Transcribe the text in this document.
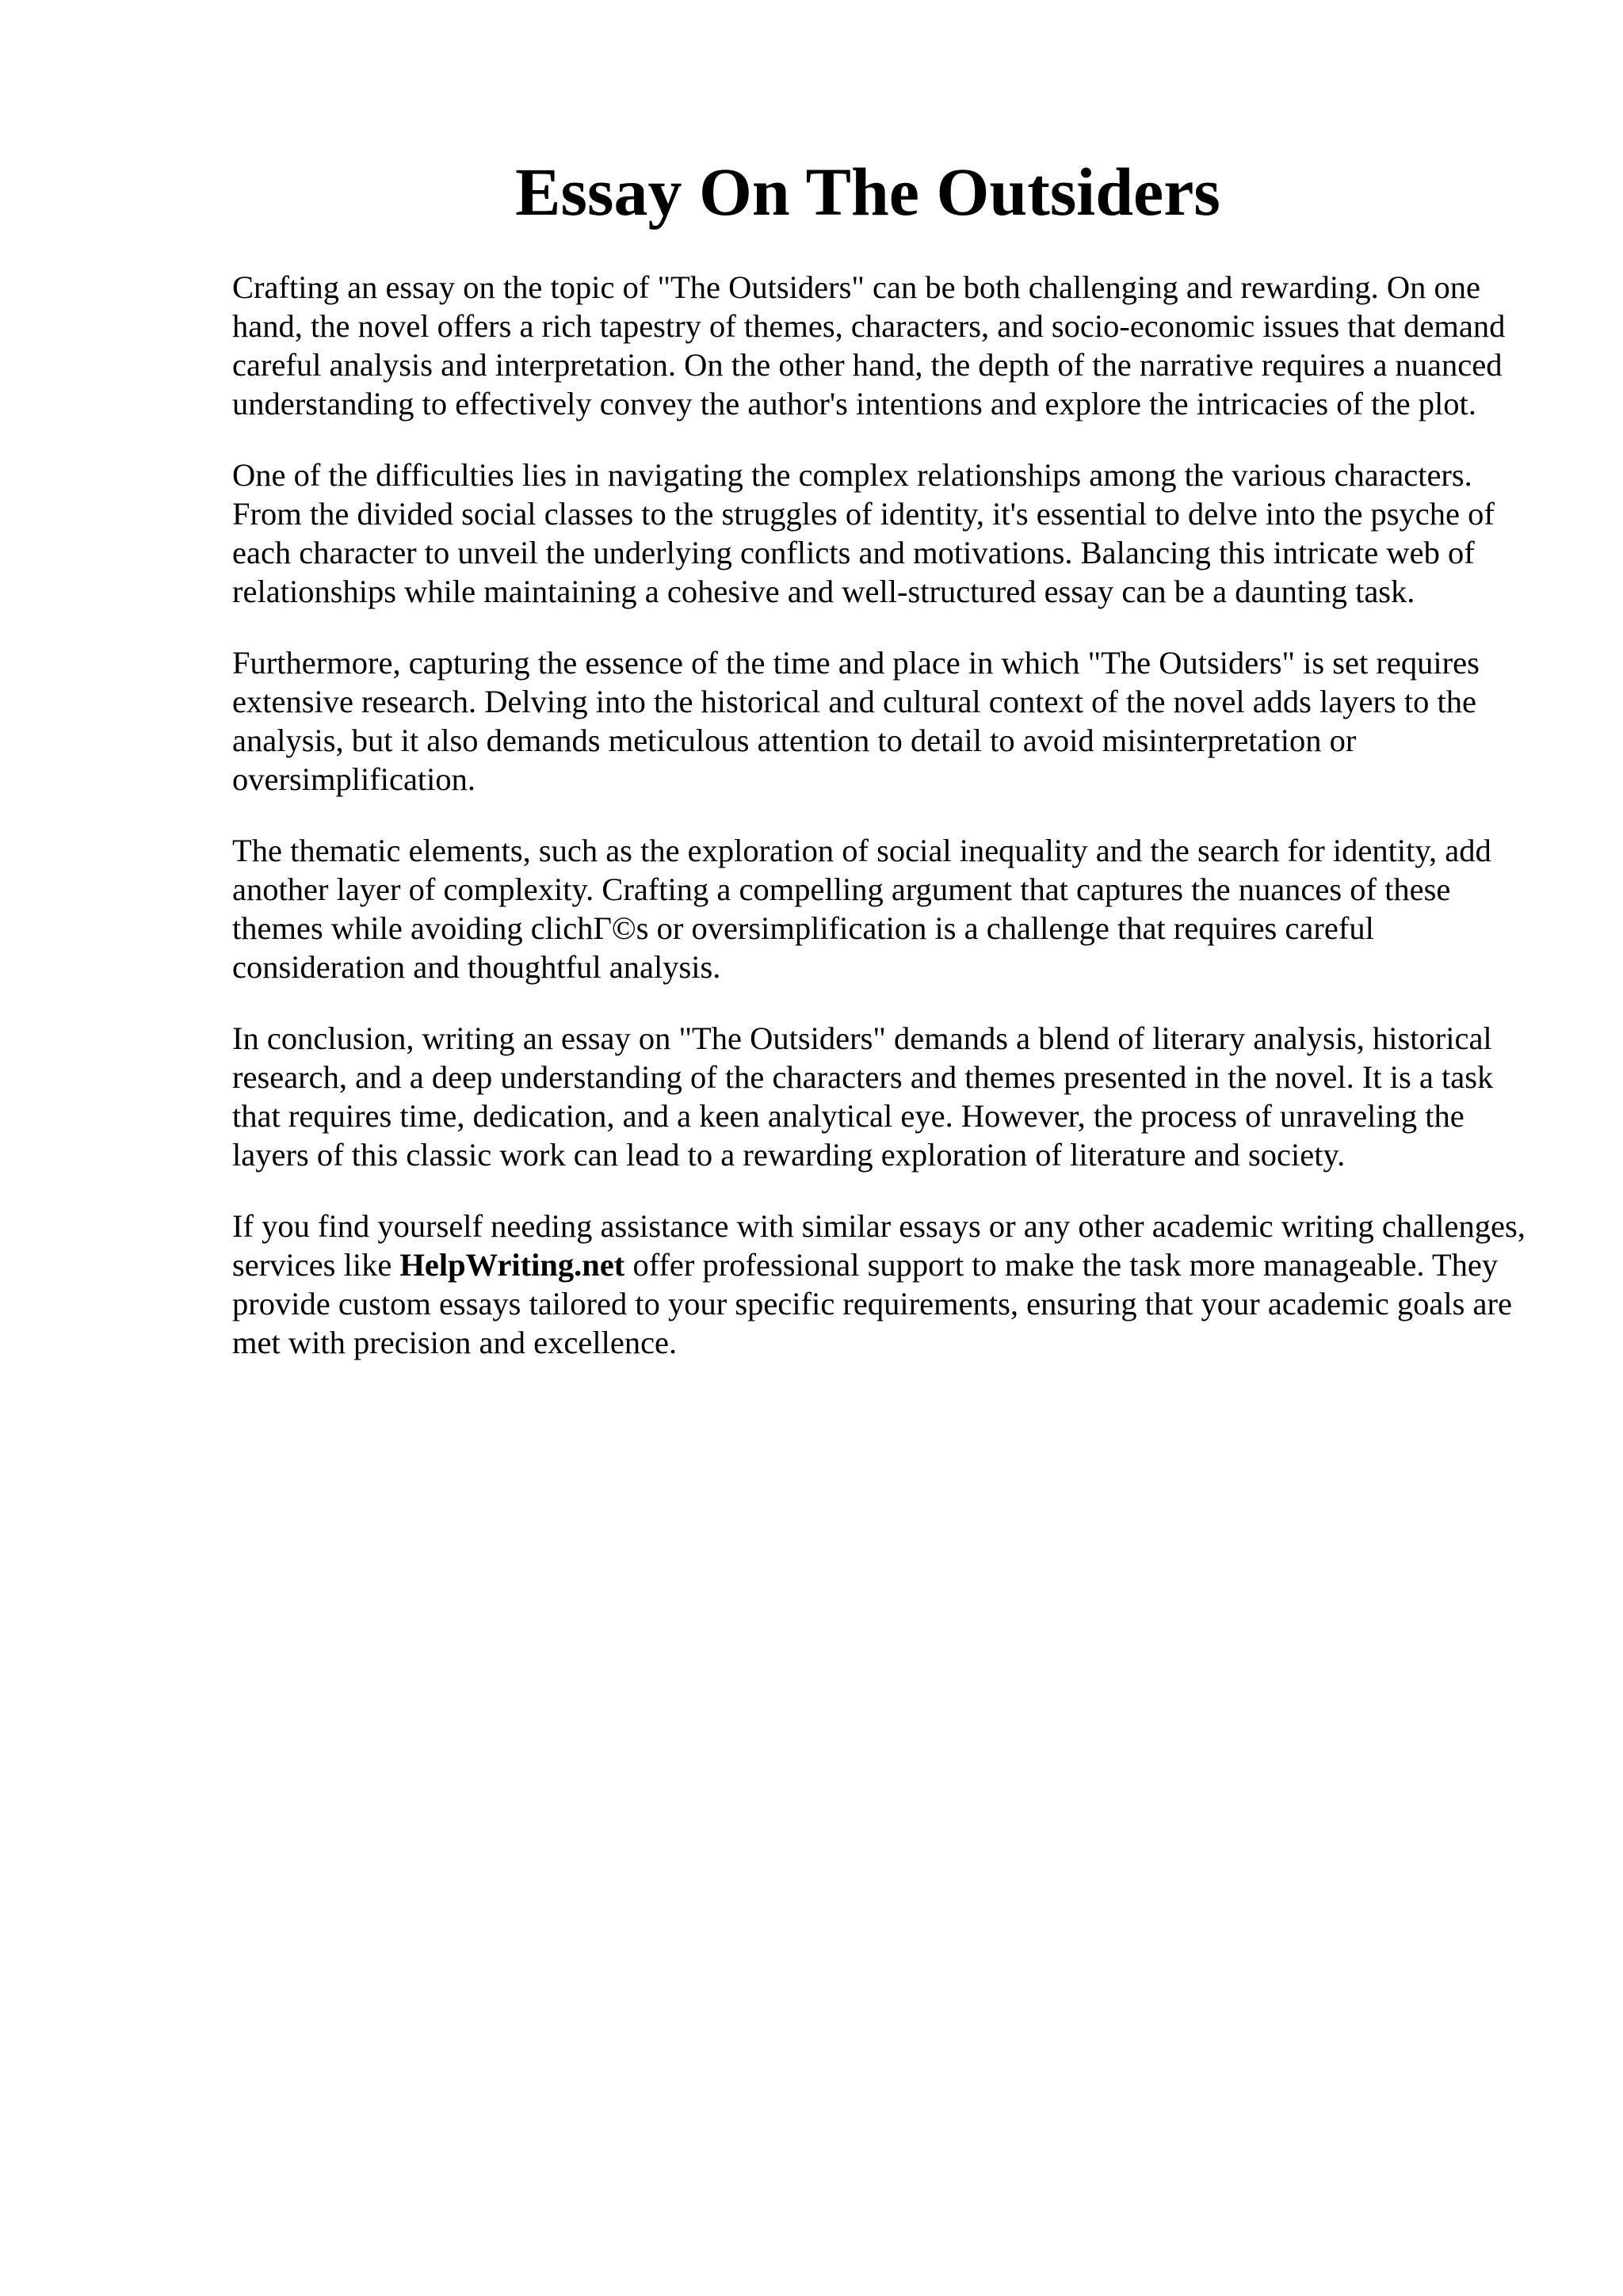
Essay On The Outsiders

Crafting an essay on the topic of "The Outsiders" can be both challenging and rewarding. On one hand, the novel offers a rich tapestry of themes, characters, and socio-economic issues that demand careful analysis and interpretation. On the other hand, the depth of the narrative requires a nuanced understanding to effectively convey the author's intentions and explore the intricacies of the plot.

One of the difficulties lies in navigating the complex relationships among the various characters. From the divided social classes to the struggles of identity, it's essential to delve into the psyche of each character to unveil the underlying conflicts and motivations. Balancing this intricate web of relationships while maintaining a cohesive and well-structured essay can be a daunting task.

Furthermore, capturing the essence of the time and place in which "The Outsiders" is set requires extensive research. Delving into the historical and cultural context of the novel adds layers to the analysis, but it also demands meticulous attention to detail to avoid misinterpretation or oversimplification.

The thematic elements, such as the exploration of social inequality and the search for identity, add another layer of complexity. Crafting a compelling argument that captures the nuances of these themes while avoiding clichΓ©s or oversimplification is a challenge that requires careful consideration and thoughtful analysis.

In conclusion, writing an essay on "The Outsiders" demands a blend of literary analysis, historical research, and a deep understanding of the characters and themes presented in the novel. It is a task that requires time, dedication, and a keen analytical eye. However, the process of unraveling the layers of this classic work can lead to a rewarding exploration of literature and society.

If you find yourself needing assistance with similar essays or any other academic writing challenges, services like HelpWriting.net offer professional support to make the task more manageable. They provide custom essays tailored to your specific requirements, ensuring that your academic goals are met with precision and excellence.
